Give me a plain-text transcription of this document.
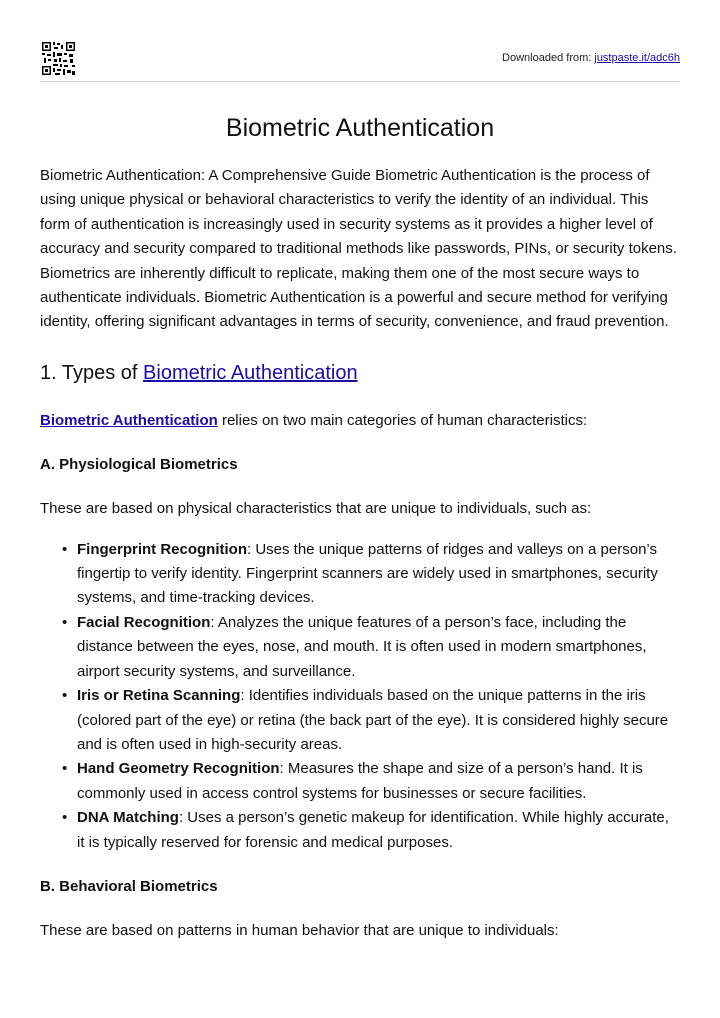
Downloaded from: justpaste.it/adc6h
Biometric Authentication

Biometric Authentication: A Comprehensive Guide Biometric Authentication is the process of using unique physical or behavioral characteristics to verify the identity of an individual. This form of authentication is increasingly used in security systems as it provides a higher level of accuracy and security compared to traditional methods like passwords, PINs, or security tokens. Biometrics are inherently difficult to replicate, making them one of the most secure ways to authenticate individuals. Biometric Authentication is a powerful and secure method for verifying identity, offering significant advantages in terms of security, convenience, and fraud prevention.

1. Types of Biometric Authentication

Biometric Authentication relies on two main categories of human characteristics:

A. Physiological Biometrics

These are based on physical characteristics that are unique to individuals, such as:

• Fingerprint Recognition: Uses the unique patterns of ridges and valleys on a person’s fingertip to verify identity. Fingerprint scanners are widely used in smartphones, security systems, and time-tracking devices.
• Facial Recognition: Analyzes the unique features of a person’s face, including the distance between the eyes, nose, and mouth. It is often used in modern smartphones, airport security systems, and surveillance.
• Iris or Retina Scanning: Identifies individuals based on the unique patterns in the iris (colored part of the eye) or retina (the back part of the eye). It is considered highly secure and is often used in high-security areas.
• Hand Geometry Recognition: Measures the shape and size of a person’s hand. It is commonly used in access control systems for businesses or secure facilities.
• DNA Matching: Uses a person’s genetic makeup for identification. While highly accurate, it is typically reserved for forensic and medical purposes.
B. Behavioral Biometrics

These are based on patterns in human behavior that are unique to individuals:
